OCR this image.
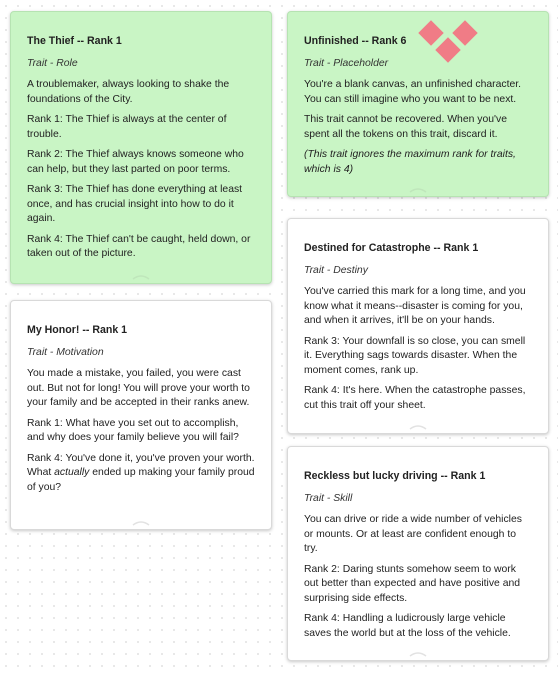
The Thief -- Rank 1
Trait - Role
A troublemaker, always looking to shake the foundations of the City.
Rank 1: The Thief is always at the center of trouble.
Rank 2: The Thief always knows someone who can help, but they last parted on poor terms.
Rank 3: The Thief has done everything at least once, and has crucial insight into how to do it again.
Rank 4: The Thief can't be caught, held down, or taken out of the picture.
My Honor! -- Rank 1
Trait - Motivation
You made a mistake, you failed, you were cast out. But not for long! You will prove your worth to your family and be accepted in their ranks anew.
Rank 1: What have you set out to accomplish, and why does your family believe you will fail?
Rank 4: You've done it, you've proven your worth. What actually ended up making your family proud of you?
Unfinished -- Rank 6
Trait - Placeholder
You're a blank canvas, an unfinished character. You can still imagine who you want to be next.
This trait cannot be recovered. When you've spent all the tokens on this trait, discard it.
(This trait ignores the maximum rank for traits, which is 4)
Destined for Catastrophe -- Rank 1
Trait - Destiny
You've carried this mark for a long time, and you know what it means--disaster is coming for you, and when it arrives, it'll be on your hands.
Rank 3: Your downfall is so close, you can smell it. Everything sags towards disaster. When the moment comes, rank up.
Rank 4: It's here. When the catastrophe passes, cut this trait off your sheet.
Reckless but lucky driving -- Rank 1
Trait - Skill
You can drive or ride a wide number of vehicles or mounts. Or at least are confident enough to try.
Rank 2: Daring stunts somehow seem to work out better than expected and have positive and surprising side effects.
Rank 4: Handling a ludicrously large vehicle saves the world but at the loss of the vehicle.
